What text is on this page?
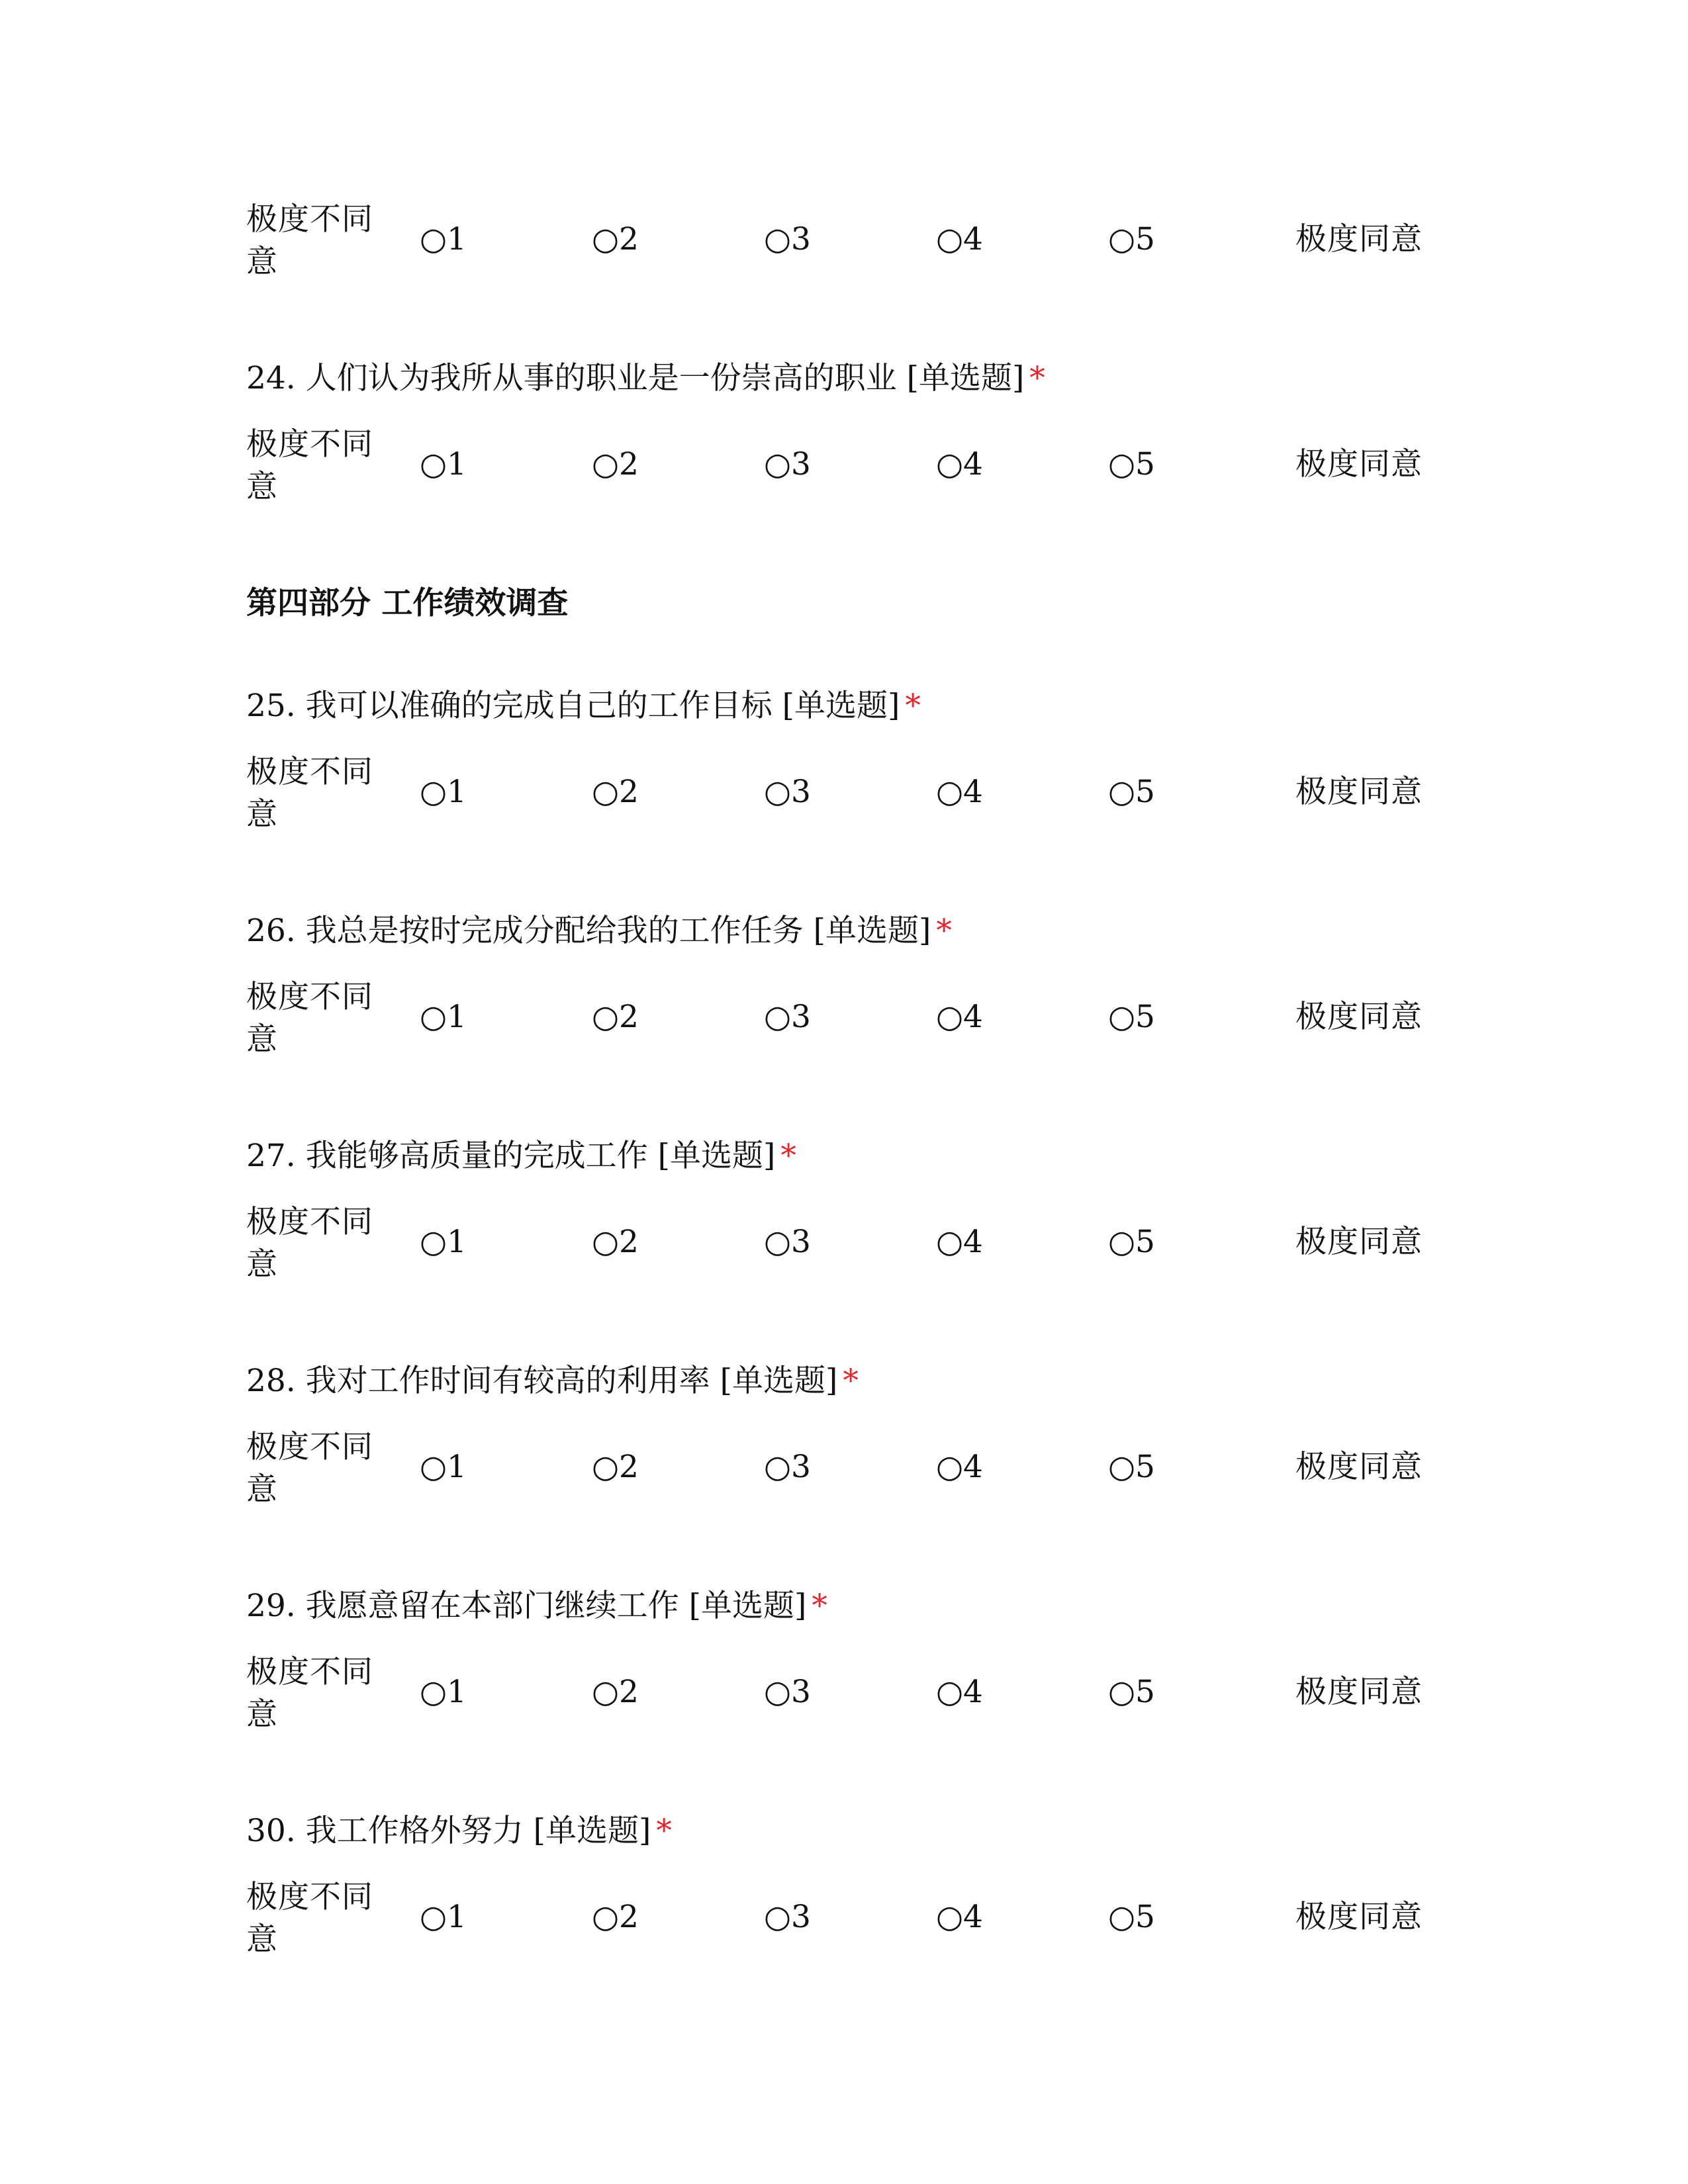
极度不同意
○1	○2	○3	○4	○5	极度同意
24. 人们认为我所从事的职业是一份崇高的职业 [单选题] *
极度不同意
○1	○2	○3	○4	○5	极度同意
第四部分 工作绩效调查
25. 我可以准确的完成自己的工作目标 [单选题] *
极度不同意
○1	○2	○3	○4	○5	极度同意
26. 我总是按时完成分配给我的工作任务 [单选题] *
极度不同意
○1	○2	○3	○4	○5	极度同意
27. 我能够高质量的完成工作 [单选题] *
极度不同意
○1	○2	○3	○4	○5	极度同意
28. 我对工作时间有较高的利用率 [单选题] *
极度不同意
○1	○2	○3	○4	○5	极度同意
29. 我愿意留在本部门继续工作 [单选题] *
极度不同意
○1	○2	○3	○4	○5	极度同意
30. 我工作格外努力 [单选题] *
极度不同意
○1	○2	○3	○4	○5	极度同意
